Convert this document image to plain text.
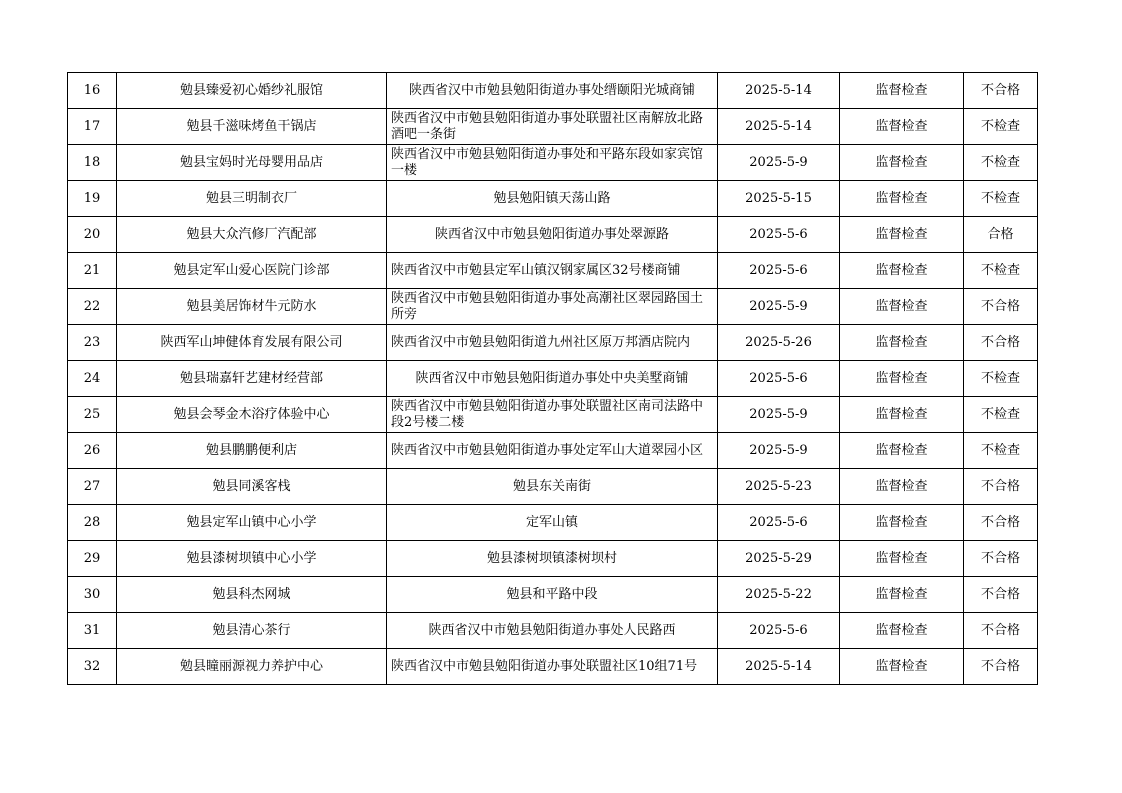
16	勉县臻爱初心婚纱礼服馆	陕西省汉中市勉县勉阳街道办事处缙颐阳光城商铺	2025-5-14	监督检查	不合格
17	勉县千滋味烤鱼干锅店	陕西省汉中市勉县勉阳街道办事处联盟社区南解放北路酒吧一条街	2025-5-14	监督检查	不检查
18	勉县宝妈时光母婴用品店	陕西省汉中市勉县勉阳街道办事处和平路东段如家宾馆一楼	2025-5-9	监督检查	不检查
19	勉县三明制衣厂	勉县勉阳镇天荡山路	2025-5-15	监督检查	不检查
20	勉县大众汽修厂汽配部	陕西省汉中市勉县勉阳街道办事处翠源路	2025-5-6	监督检查	合格
21	勉县定军山爱心医院门诊部	陕西省汉中市勉县定军山镇汉钢家属区32号楼商铺	2025-5-6	监督检查	不检查
22	勉县美居饰材牛元防水	陕西省汉中市勉县勉阳街道办事处高潮社区翠园路国土所旁	2025-5-9	监督检查	不合格
23	陕西军山坤健体育发展有限公司	陕西省汉中市勉县勉阳街道九州社区原万邦酒店院内	2025-5-26	监督检查	不合格
24	勉县瑞嘉轩艺建材经营部	陕西省汉中市勉县勉阳街道办事处中央美墅商铺	2025-5-6	监督检查	不检查
25	勉县会琴金木浴疗体验中心	陕西省汉中市勉县勉阳街道办事处联盟社区南司法路中段2号楼二楼	2025-5-9	监督检查	不检查
26	勉县鹏鹏便利店	陕西省汉中市勉县勉阳街道办事处定军山大道翠园小区	2025-5-9	监督检查	不检查
27	勉县同溪客栈	勉县东关南街	2025-5-23	监督检查	不合格
28	勉县定军山镇中心小学	定军山镇	2025-5-6	监督检查	不合格
29	勉县漆树坝镇中心小学	勉县漆树坝镇漆树坝村	2025-5-29	监督检查	不合格
30	勉县科杰网城	勉县和平路中段	2025-5-22	监督检查	不合格
31	勉县清心茶行	陕西省汉中市勉县勉阳街道办事处人民路西	2025-5-6	监督检查	不合格
32	勉县瞳丽源视力养护中心	陕西省汉中市勉县勉阳街道办事处联盟社区10组71号	2025-5-14	监督检查	不合格
